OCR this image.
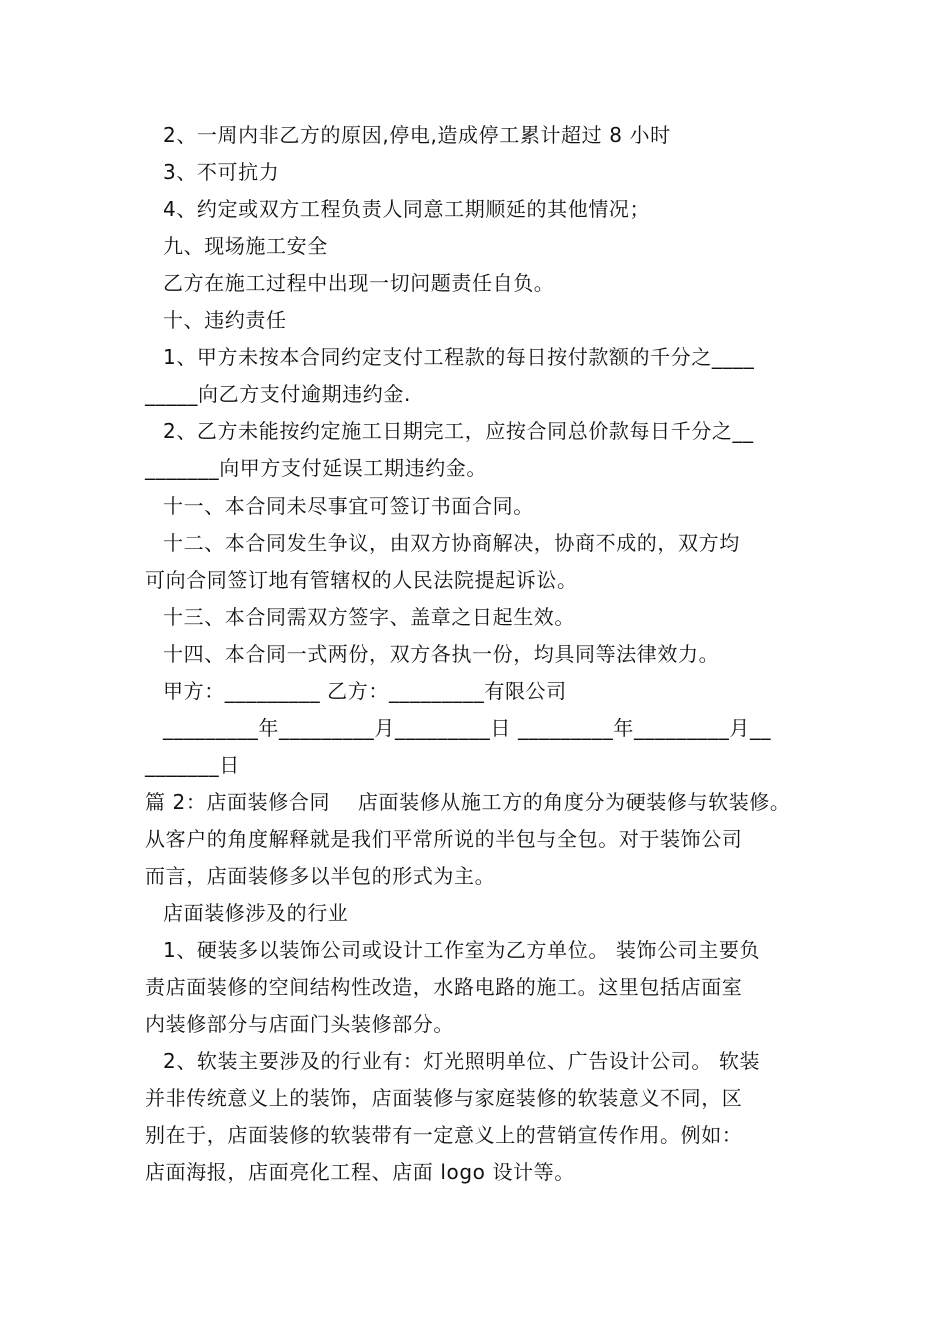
2、一周内非乙方的原因,停电,造成停工累计超过 8 小时
3、不可抗力
4、约定或双方工程负责人同意工期顺延的其他情况；
九、现场施工安全
乙方在施工过程中出现一切问题责任自负。
十、违约责任
1、甲方未按本合同约定支付工程款的每日按付款额的千分之____
_____向乙方支付逾期违约金.
2、乙方未能按约定施工日期完工，应按合同总价款每日千分之__
_______向甲方支付延误工期违约金。
十一、本合同未尽事宜可签订书面合同。
十二、本合同发生争议，由双方协商解决，协商不成的，双方均
可向合同签订地有管辖权的人民法院提起诉讼。
十三、本合同需双方签字、盖章之日起生效。
十四、本合同一式两份，双方各执一份，均具同等法律效力。
甲方：_________ 乙方：_________有限公司
_________年_________月_________日 _________年_________月__
_______日
篇 2：店面装修合同    店面装修从施工方的角度分为硬装修与软装修。
从客户的角度解释就是我们平常所说的半包与全包。对于装饰公司
而言，店面装修多以半包的形式为主。
店面装修涉及的行业
1、硬装多以装饰公司或设计工作室为乙方单位。 装饰公司主要负
责店面装修的空间结构性改造，水路电路的施工。这里包括店面室
内装修部分与店面门头装修部分。
2、软装主要涉及的行业有：灯光照明单位、广告设计公司。 软装
并非传统意义上的装饰，店面装修与家庭装修的软装意义不同，区
别在于，店面装修的软装带有一定意义上的营销宣传作用。例如：
店面海报，店面亮化工程、店面 logo 设计等。
